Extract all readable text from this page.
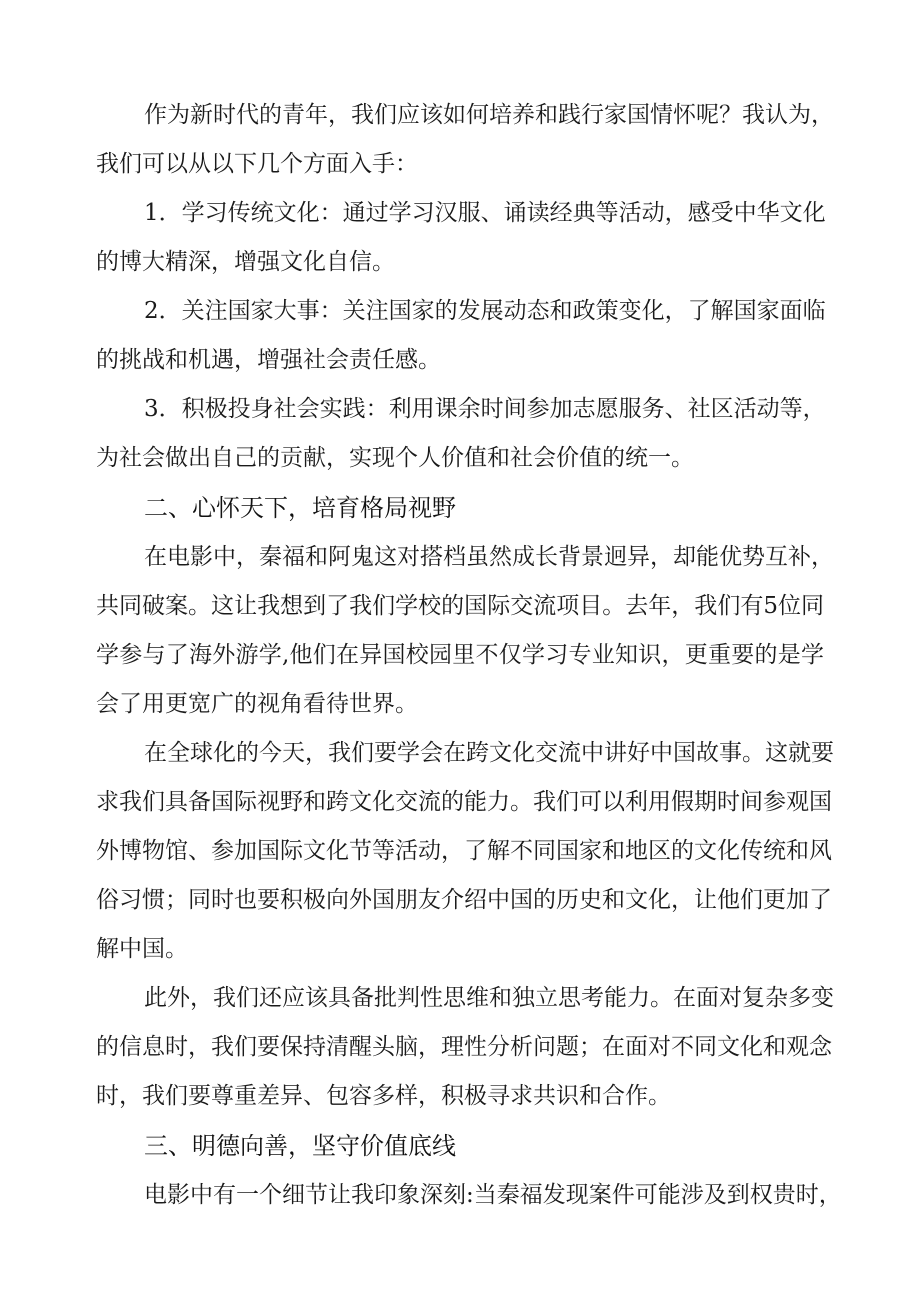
作为新时代的青年，我们应该如何培养和践行家国情怀呢？我认为，
我们可以从以下几个方面入手：
1．学习传统文化：通过学习汉服、诵读经典等活动，感受中华文化
的博大精深，增强文化自信。
2．关注国家大事：关注国家的发展动态和政策变化，了解国家面临
的挑战和机遇，增强社会责任感。
3．积极投身社会实践：利用课余时间参加志愿服务、社区活动等，
为社会做出自己的贡献，实现个人价值和社会价值的统一。
二、心怀天下，培育格局视野
在电影中，秦福和阿鬼这对搭档虽然成长背景迥异，却能优势互补，
共同破案。这让我想到了我们学校的国际交流项目。去年，我们有5位同
学参与了海外游学,他们在异国校园里不仅学习专业知识，更重要的是学
会了用更宽广的视角看待世界。
在全球化的今天，我们要学会在跨文化交流中讲好中国故事。这就要
求我们具备国际视野和跨文化交流的能力。我们可以利用假期时间参观国
外博物馆、参加国际文化节等活动，了解不同国家和地区的文化传统和风
俗习惯；同时也要积极向外国朋友介绍中国的历史和文化，让他们更加了
解中国。
此外，我们还应该具备批判性思维和独立思考能力。在面对复杂多变
的信息时，我们要保持清醒头脑，理性分析问题；在面对不同文化和观念
时，我们要尊重差异、包容多样，积极寻求共识和合作。
三、明德向善，坚守价值底线
电影中有一个细节让我印象深刻:当秦福发现案件可能涉及到权贵时，
